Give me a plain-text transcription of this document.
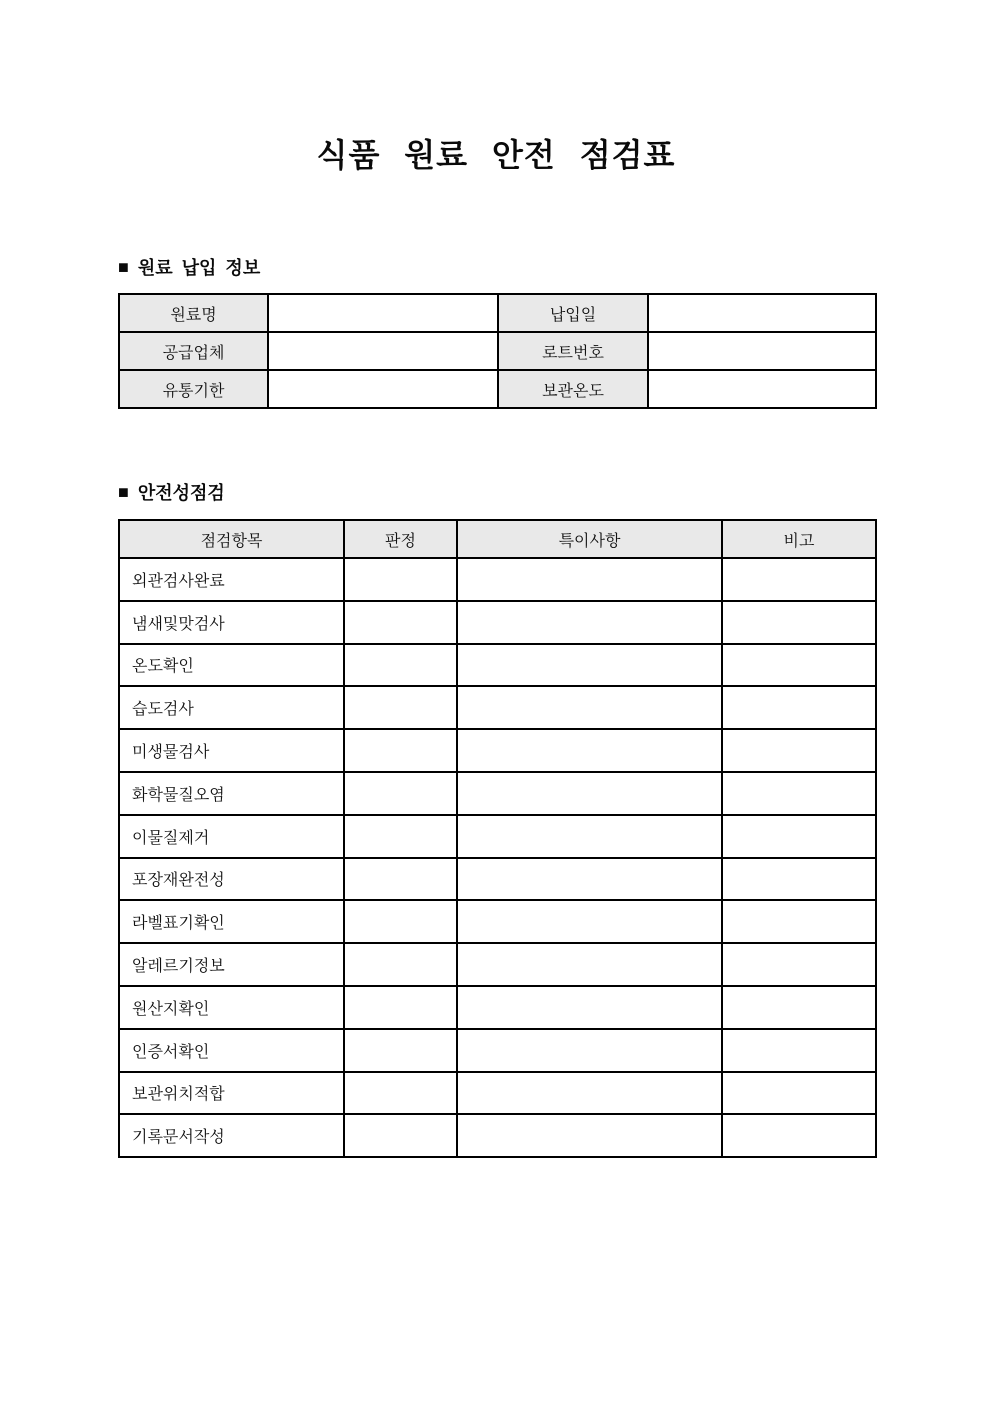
식품 원료 안전 점검표
■ 원료 납입 정보
원료명		납입일	
공급업체		로트번호	
유통기한		보관온도	
■ 안전성점검
점검항목	판정	특이사항	비고
외관검사완료			
냄새및맛검사			
온도확인			
습도검사			
미생물검사			
화학물질오염			
이물질제거			
포장재완전성			
라벨표기확인			
알레르기정보			
원산지확인			
인증서확인			
보관위치적합			
기록문서작성			
